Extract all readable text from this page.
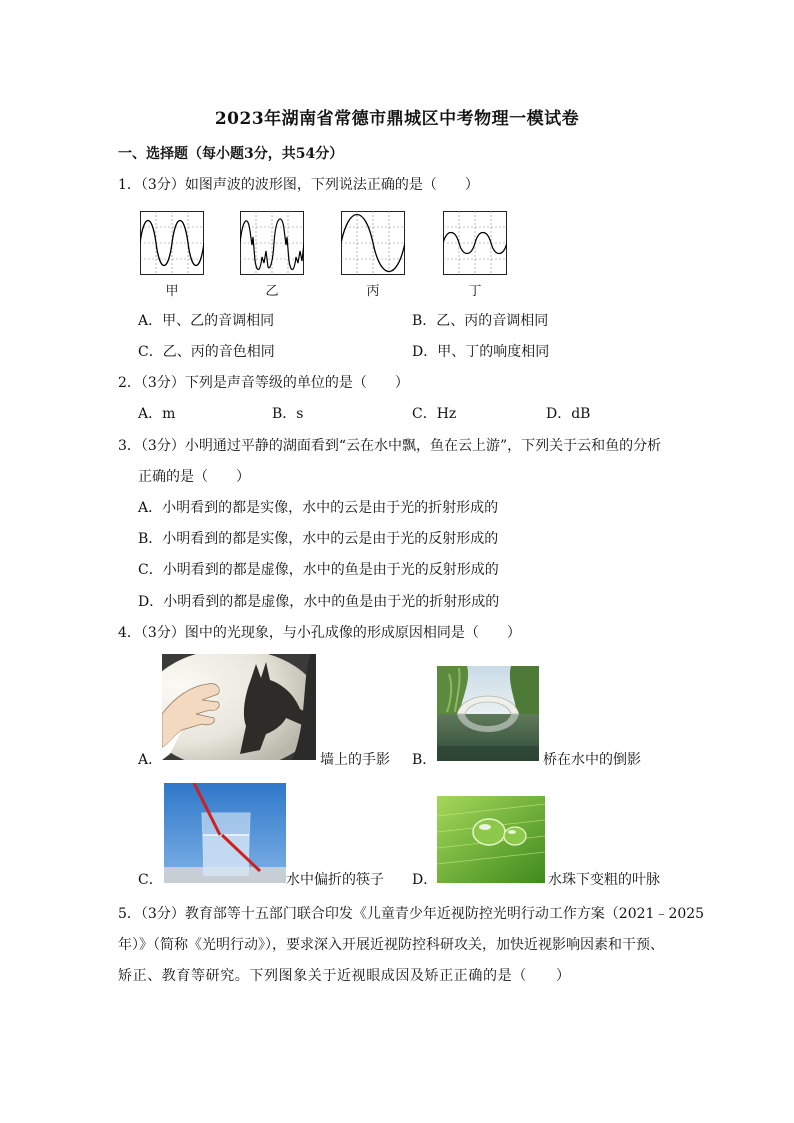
2023年湖南省常德市鼎城区中考物理一模试卷
一、选择题（每小题3分，共54分）
1．（3分）如图声波的波形图，下列说法正确的是（　　）
甲	乙	丙	丁
A．甲、乙的音调相同	B．乙、丙的音调相同
C．乙、丙的音色相同	D．甲、丁的响度相同
2．（3分）下列是声音等级的单位的是（　　）
A．m	B．s	C．Hz	D．dB
3．（3分）小明通过平静的湖面看到“云在水中飘，鱼在云上游”，下列关于云和鱼的分析
正确的是（　　）
A．小明看到的都是实像，水中的云是由于光的折射形成的
B．小明看到的都是实像，水中的云是由于光的反射形成的
C．小明看到的都是虚像，水中的鱼是由于光的反射形成的
D．小明看到的都是虚像，水中的鱼是由于光的折射形成的
4．（3分）图中的光现象，与小孔成像的形成原因相同是（　　）
A．	墙上的手影 B．	桥在水中的倒影
C．	水中偏折的筷子 D．	水珠下变粗的叶脉
5．（3分）教育部等十五部门联合印发《儿童青少年近视防控光明行动工作方案（2021﹣2025
年）》（简称《光明行动》），要求深入开展近视防控科研攻关，加快近视影响因素和干预、
矫正、教育等研究。下列图象关于近视眼成因及矫正正确的是（　　）
